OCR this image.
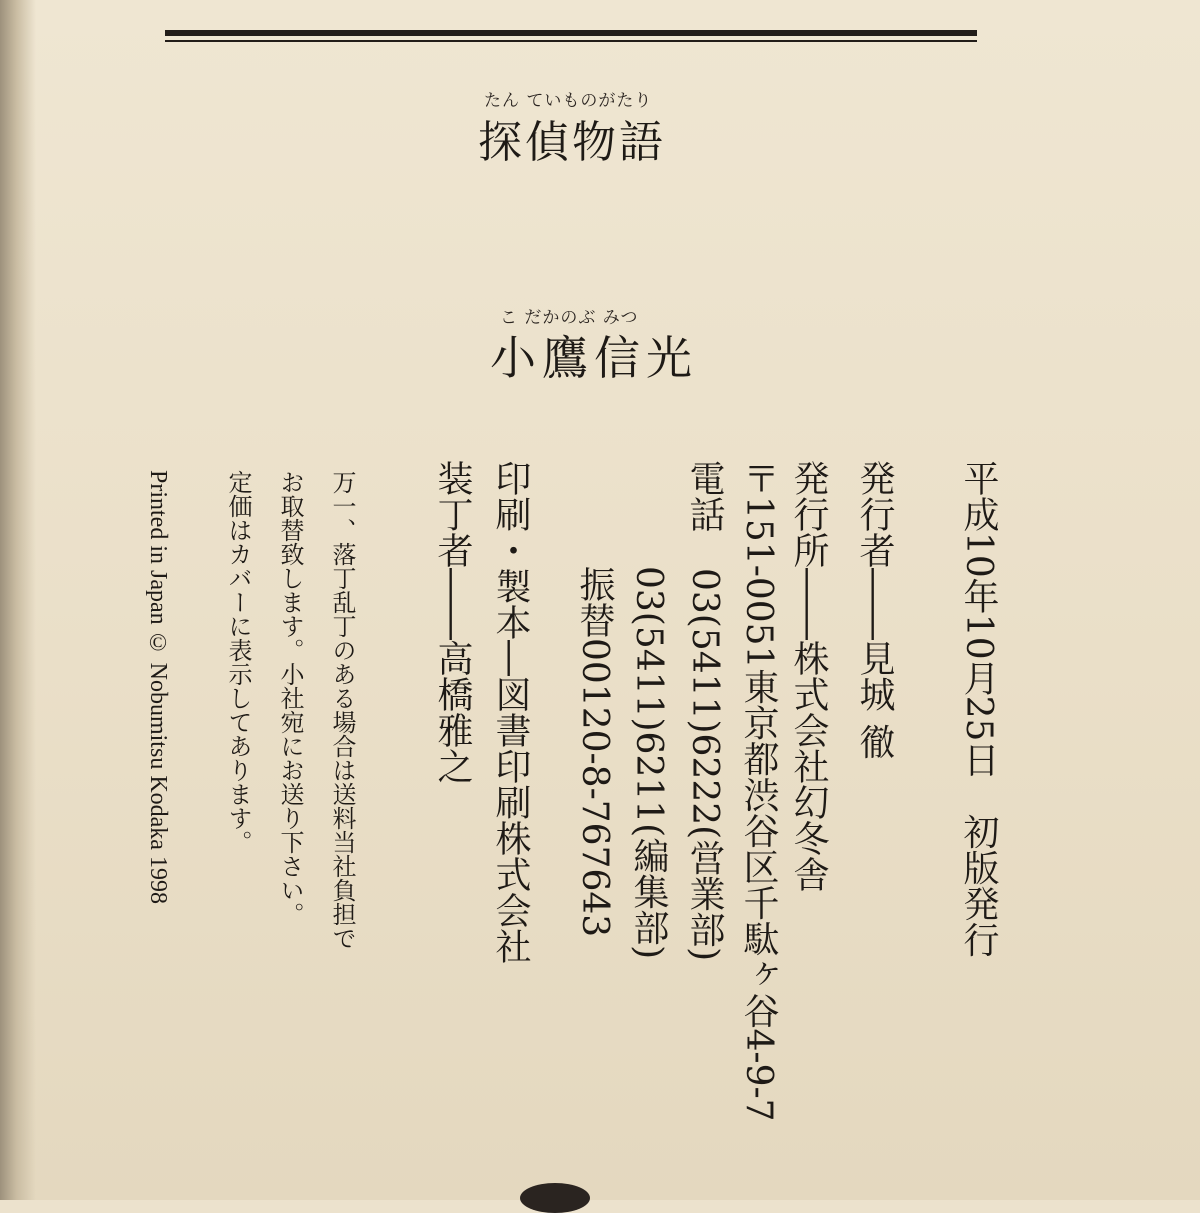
たん ていものがたり
探偵物語
こ だかのぶ みつ
小鷹信光
平成10年10月25日　初版発行
発行者――見城 徹
発行所――株式会社幻冬舎
〒151-0051東京都渋谷区千駄ヶ谷4-9-7
電話　03(5411)6222(営業部)
03(5411)6211(編集部)
振替00120-8-767643
印刷・製本―図書印刷株式会社
装丁者――高橋雅之
万一、落丁乱丁のある場合は送料当社負担で
お取替致します。小社宛にお送り下さい。
定価はカバーに表示してあります。
Printed in Japan © Nobumitsu Kodaka 1998
